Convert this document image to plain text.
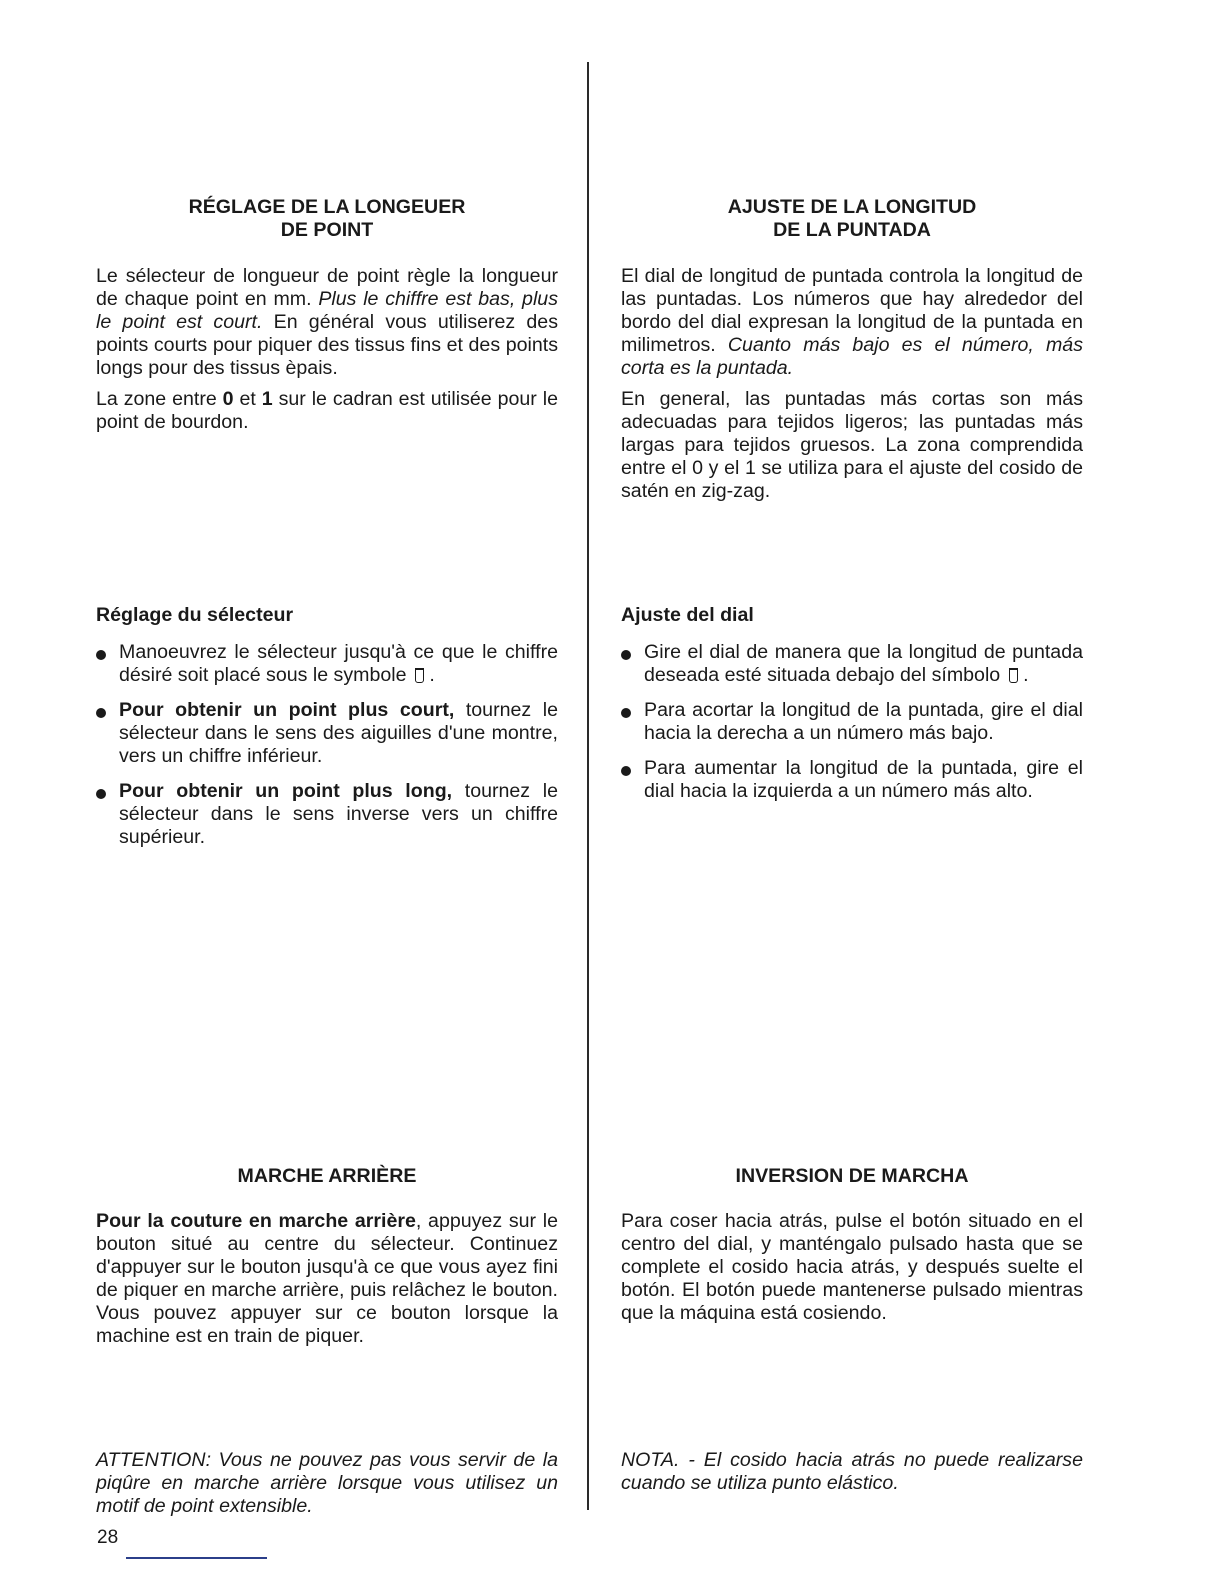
RÉGLAGE DE LA LONGEUER
DE POINT

Le sélecteur de longueur de point règle la longueur de chaque point en mm. Plus le chiffre est bas, plus le point est court. En général vous utiliserez des points courts pour piquer des tissus fins et des points longs pour des tissus èpais.

La zone entre 0 et 1 sur le cadran est utilisée pour le point de bourdon.

Réglage du sélecteur
Manoeuvrez le sélecteur jusqu'à ce que le chiffre désiré soit placé sous le symbole  .
Pour obtenir un point plus court, tournez le sélecteur dans le sens des aiguilles d'une montre, vers un chiffre inférieur.
Pour obtenir un point plus long, tournez le sélecteur dans le sens inverse vers un chiffre supérieur.
MARCHE ARRIÈRE

Pour la couture en marche arrière, appuyez sur le bouton situé au centre du sélecteur. Continuez d'appuyer sur le bouton jusqu'à ce que vous ayez fini de piquer en marche arrière, puis relâchez le bouton. Vous pouvez appuyer sur ce bouton lorsque la machine est en train de piquer.

ATTENTION: Vous ne pouvez pas vous servir de la piqûre en marche arrière lorsque vous utilisez un motif de point extensible.

AJUSTE DE LA LONGITUD
DE LA PUNTADA

El dial de longitud de puntada controla la longitud de las puntadas. Los números que hay alrededor del bordo del dial expresan la longitud de la puntada en milimetros. Cuanto más bajo es el número, más corta es la puntada.

En general, las puntadas más cortas son más adecuadas para tejidos ligeros; las puntadas más largas para tejidos gruesos. La zona comprendida entre el 0 y el 1 se utiliza para el ajuste del cosido de satén en zig-zag.

Ajuste del dial
Gire el dial de manera que la longitud de puntada deseada esté situada debajo del símbolo  .
Para acortar la longitud de la puntada, gire el dial hacia la derecha a un número más bajo.
Para aumentar la longitud de la puntada, gire el dial hacia la izquierda a un número más alto.
INVERSION DE MARCHA

Para coser hacia atrás, pulse el botón situado en el centro del dial, y manténgalo pulsado hasta que se complete el cosido hacia atrás, y después suelte el botón. El botón puede mantenerse pulsado mientras que la máquina está cosiendo.

NOTA. - El cosido hacia atrás no puede realizarse cuando se utiliza punto elástico.

28
